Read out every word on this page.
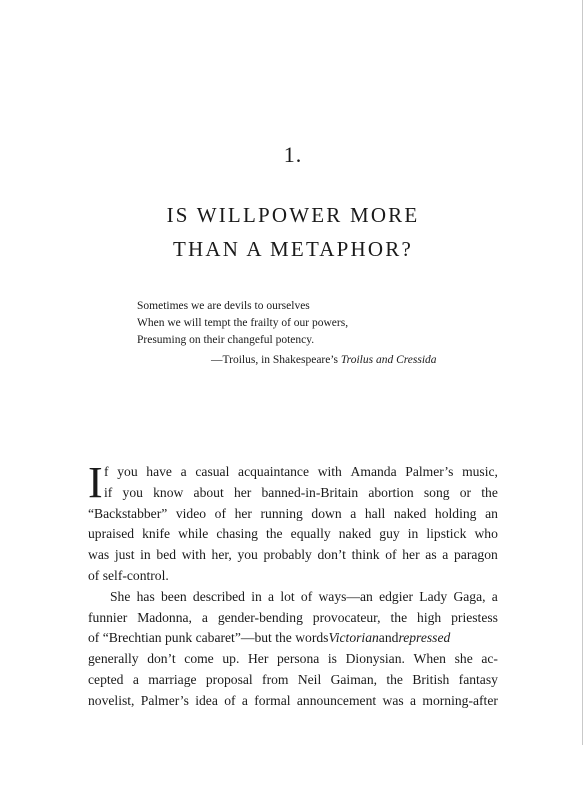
1.
IS WILLPOWER MORE
THAN A METAPHOR?
Sometimes we are devils to ourselves
When we will tempt the frailty of our powers,
Presuming on their changeful potency.
—Troilus, in Shakespeare’s Troilus and Cressida
I f you have a casual acquaintance with Amanda Palmer’s music,
if you know about her banned-in-Britain abortion song or the
“Backstabber” video of her running down a hall naked holding an
upraised knife while chasing the equally naked guy in lipstick who
was just in bed with her, you probably don’t think of her as a paragon
of self-control.
She has been described in a lot of ways—an edgier Lady Gaga, a
funnier Madonna, a gender-bending provocateur, the high priestess
of “Brechtian punk cabaret”—but the words Victorian and repressed
generally don’t come up. Her persona is Dionysian. When she ac-
cepted a marriage proposal from Neil Gaiman, the British fantasy
novelist, Palmer’s idea of a formal announcement was a morning-after
